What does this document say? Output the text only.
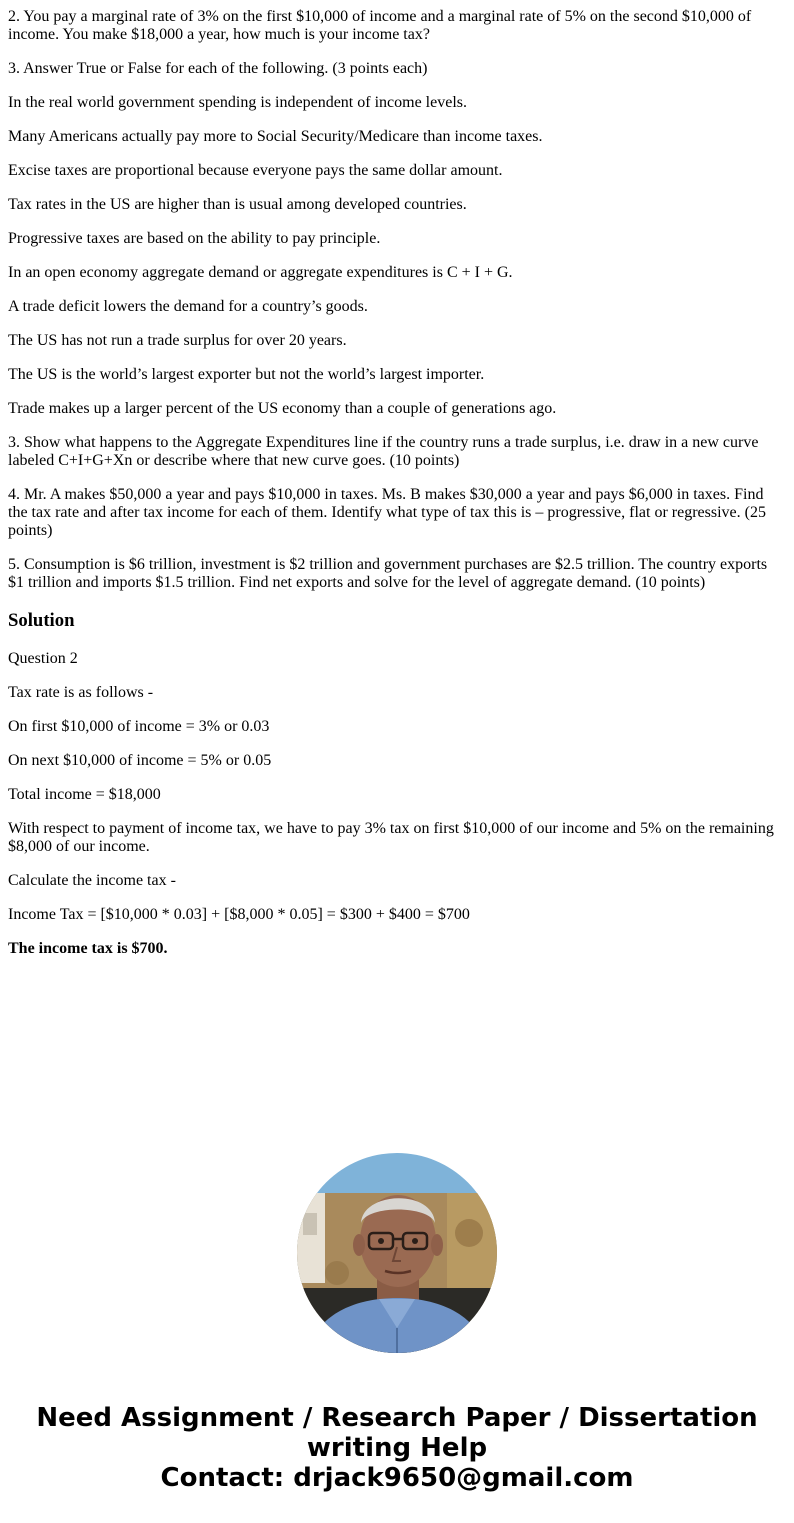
2. You pay a marginal rate of 3% on the first $10,000 of income and a marginal rate of 5% on the second $10,000 of income. You make $18,000 a year, how much is your income tax?

3. Answer True or False for each of the following. (3 points each)

In the real world government spending is independent of income levels.

Many Americans actually pay more to Social Security/Medicare than income taxes.

Excise taxes are proportional because everyone pays the same dollar amount.

Tax rates in the US are higher than is usual among developed countries.

Progressive taxes are based on the ability to pay principle.

In an open economy aggregate demand or aggregate expenditures is C + I + G.

A trade deficit lowers the demand for a country’s goods.

The US has not run a trade surplus for over 20 years.

The US is the world’s largest exporter but not the world’s largest importer.

Trade makes up a larger percent of the US economy than a couple of generations ago.

3. Show what happens to the Aggregate Expenditures line if the country runs a trade surplus, i.e. draw in a new curve labeled C+I+G+Xn or describe where that new curve goes. (10 points)

4. Mr. A makes $50,000 a year and pays $10,000 in taxes. Ms. B makes $30,000 a year and pays $6,000 in taxes. Find the tax rate and after tax income for each of them. Identify what type of tax this is – progressive, flat or regressive. (25 points)

5. Consumption is $6 trillion, investment is $2 trillion and government purchases are $2.5 trillion. The country exports $1 trillion and imports $1.5 trillion. Find net exports and solve for the level of aggregate demand. (10 points)

Solution

Question 2

Tax rate is as follows -

On first $10,000 of income = 3% or 0.03

On next $10,000 of income = 5% or 0.05

Total income = $18,000

With respect to payment of income tax, we have to pay 3% tax on first $10,000 of our income and 5% on the remaining $8,000 of our income.

Calculate the income tax -

Income Tax = [$10,000 * 0.03] + [$8,000 * 0.05] = $300 + $400 = $700

The income tax is $700.

Need Assignment / Research Paper / Dissertation
writing Help
Contact: drjack9650@gmail.com
